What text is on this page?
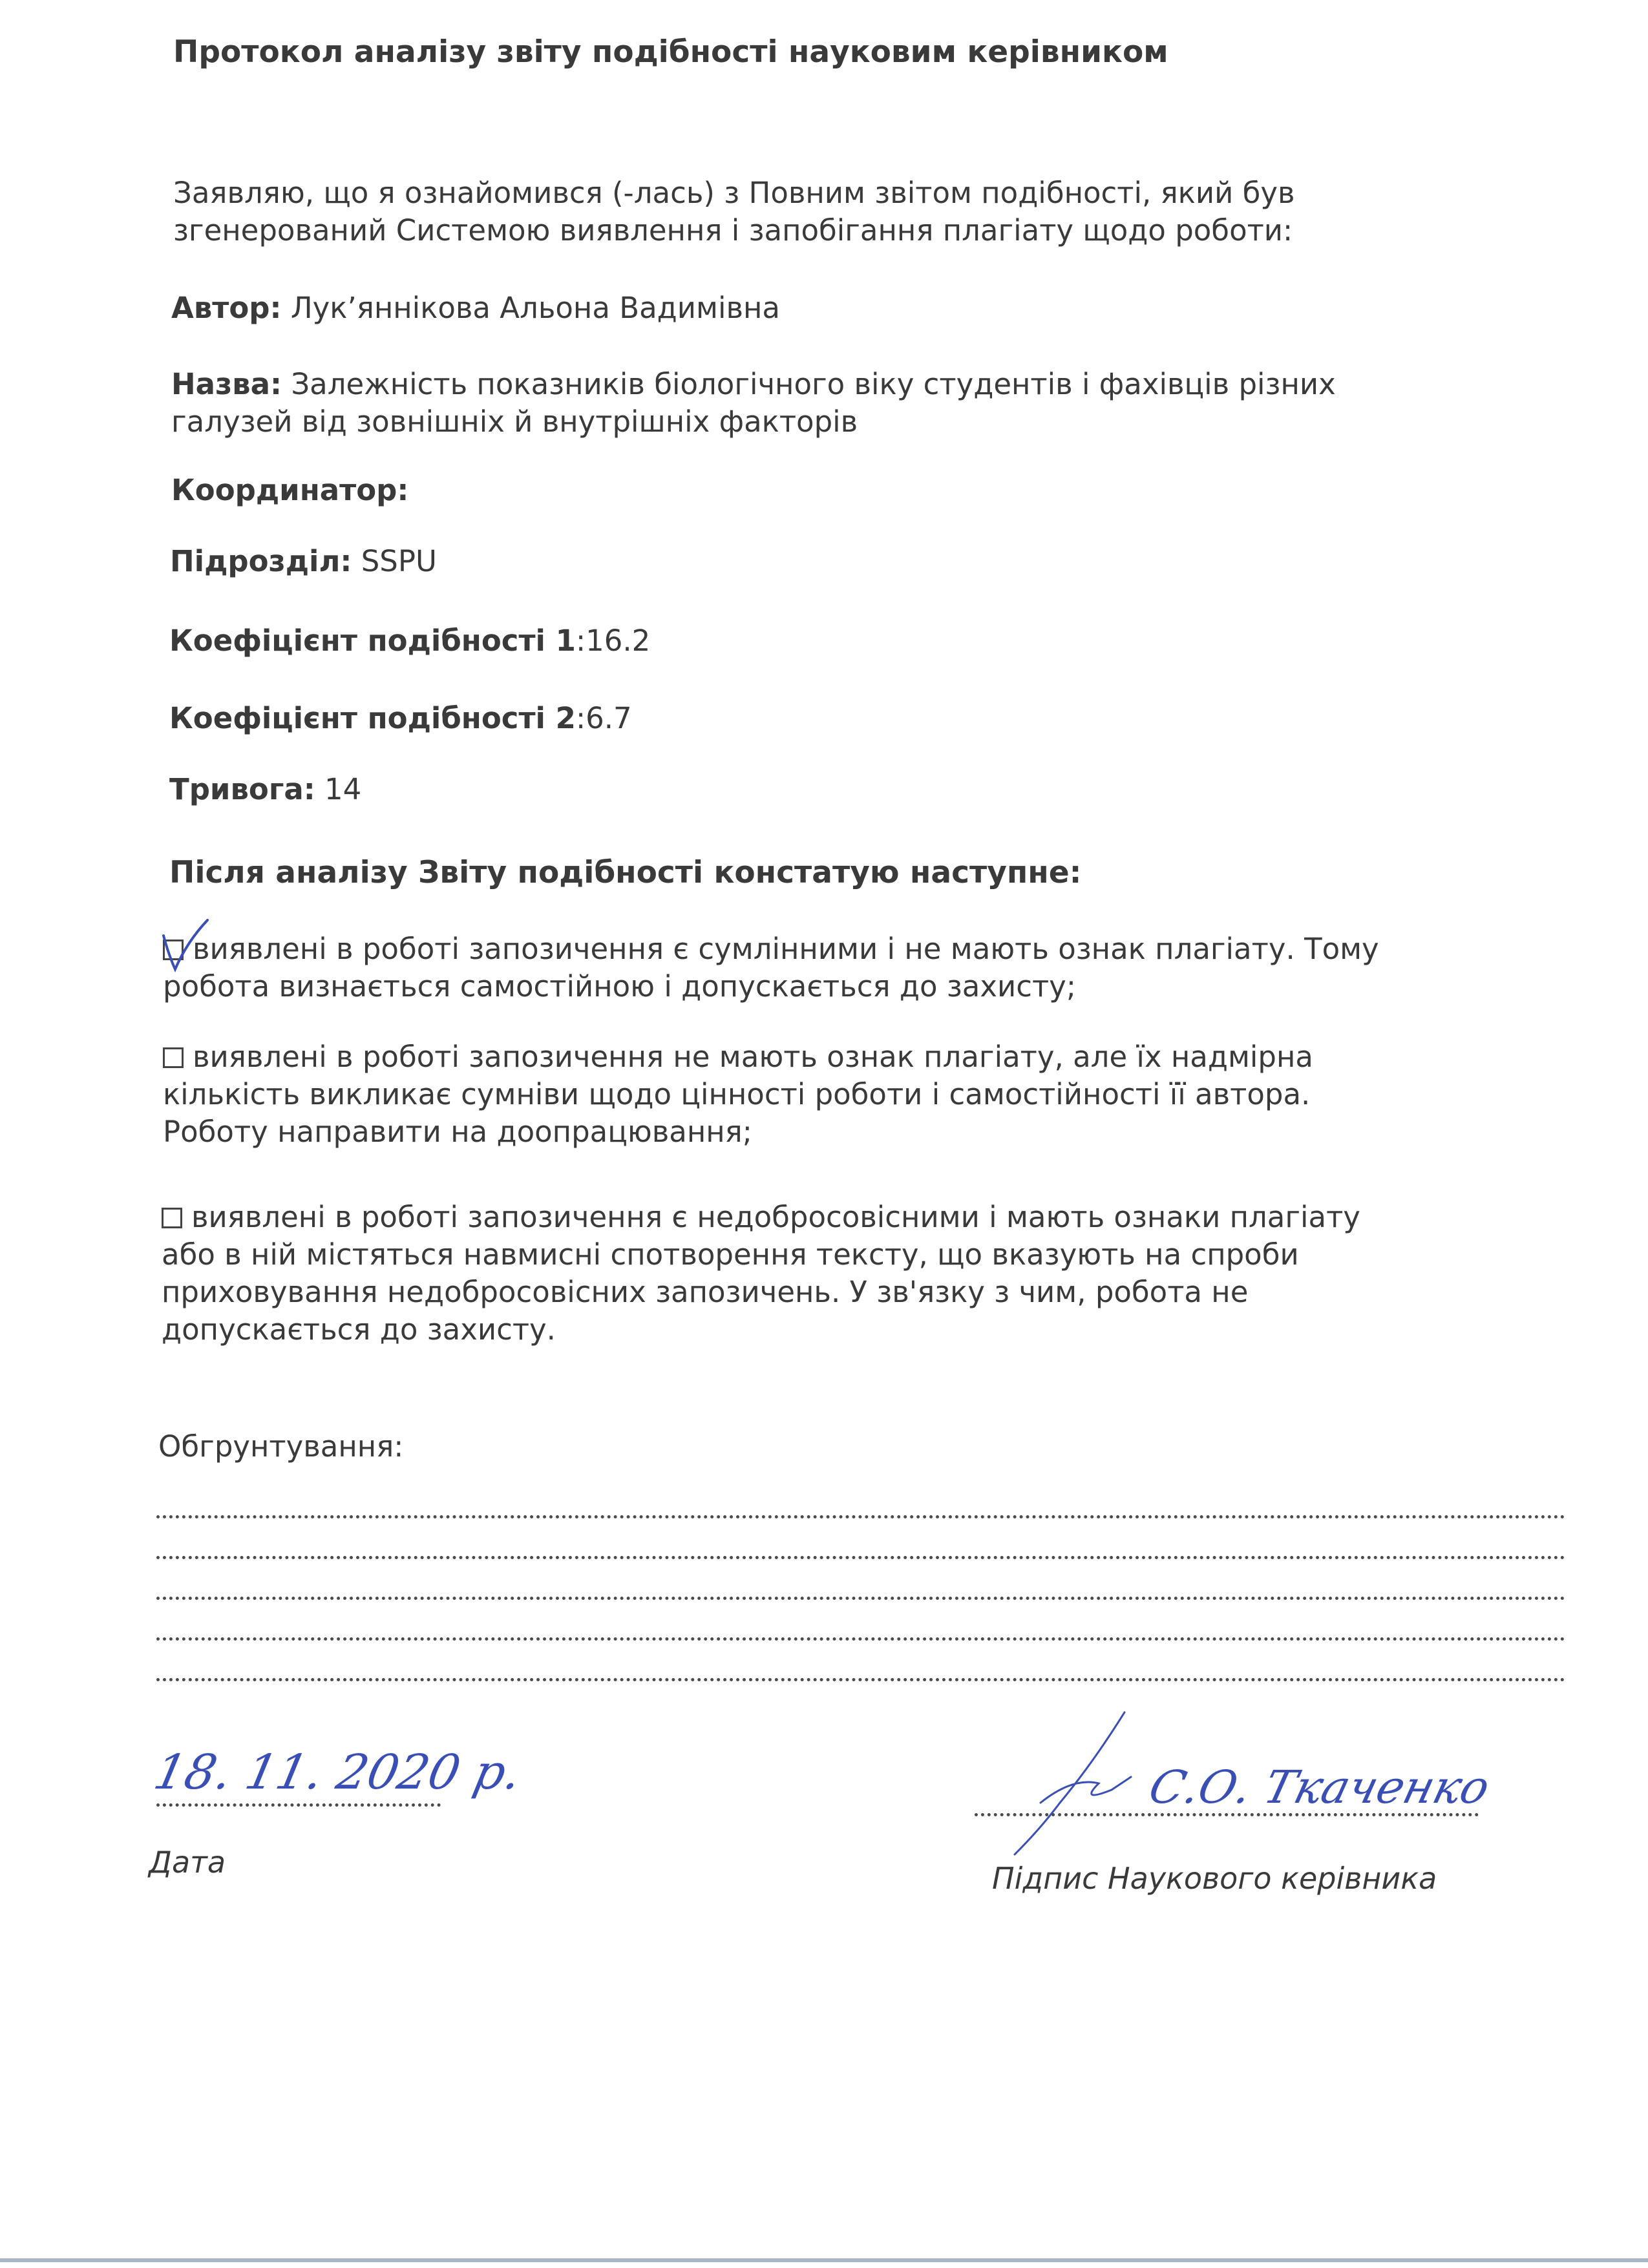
Протокол аналізу звіту подібності науковим керівником
Заявляю, що я ознайомився (-лась) з Повним звітом подібності, який був
згенерований Системою виявлення і запобігання плагіату щодо роботи:
Автор: Лук’яннікова Альона Вадимівна
Назва: Залежність показників біологічного віку студентів і фахівців різних
галузей від зовнішніх й внутрішніх факторів
Координатор:
Підрозділ: SSPU
Коефіцієнт подібності 1:16.2
Коефіцієнт подібності 2:6.7
Тривога: 14
Після аналізу Звіту подібності констатую наступне:
виявлені в роботі запозичення є сумлінними і не мають ознак плагіату. Тому
робота визнається самостійною і допускається до захисту;
виявлені в роботі запозичення не мають ознак плагіату, але їх надмірна
кількість викликає сумніви щодо цінності роботи і самостійності її автора.
Роботу направити на доопрацювання;
виявлені в роботі запозичення є недобросовісними і мають ознаки плагіату
або в ній містяться навмисні спотворення тексту, що вказують на спроби
приховування недобросовісних запозичень. У зв'язку з чим, робота не
допускається до захисту.
Обгрунтування:
18. 11. 2020 р.
Дата
С.О. Ткаченко
Підпис Наукового керівника
